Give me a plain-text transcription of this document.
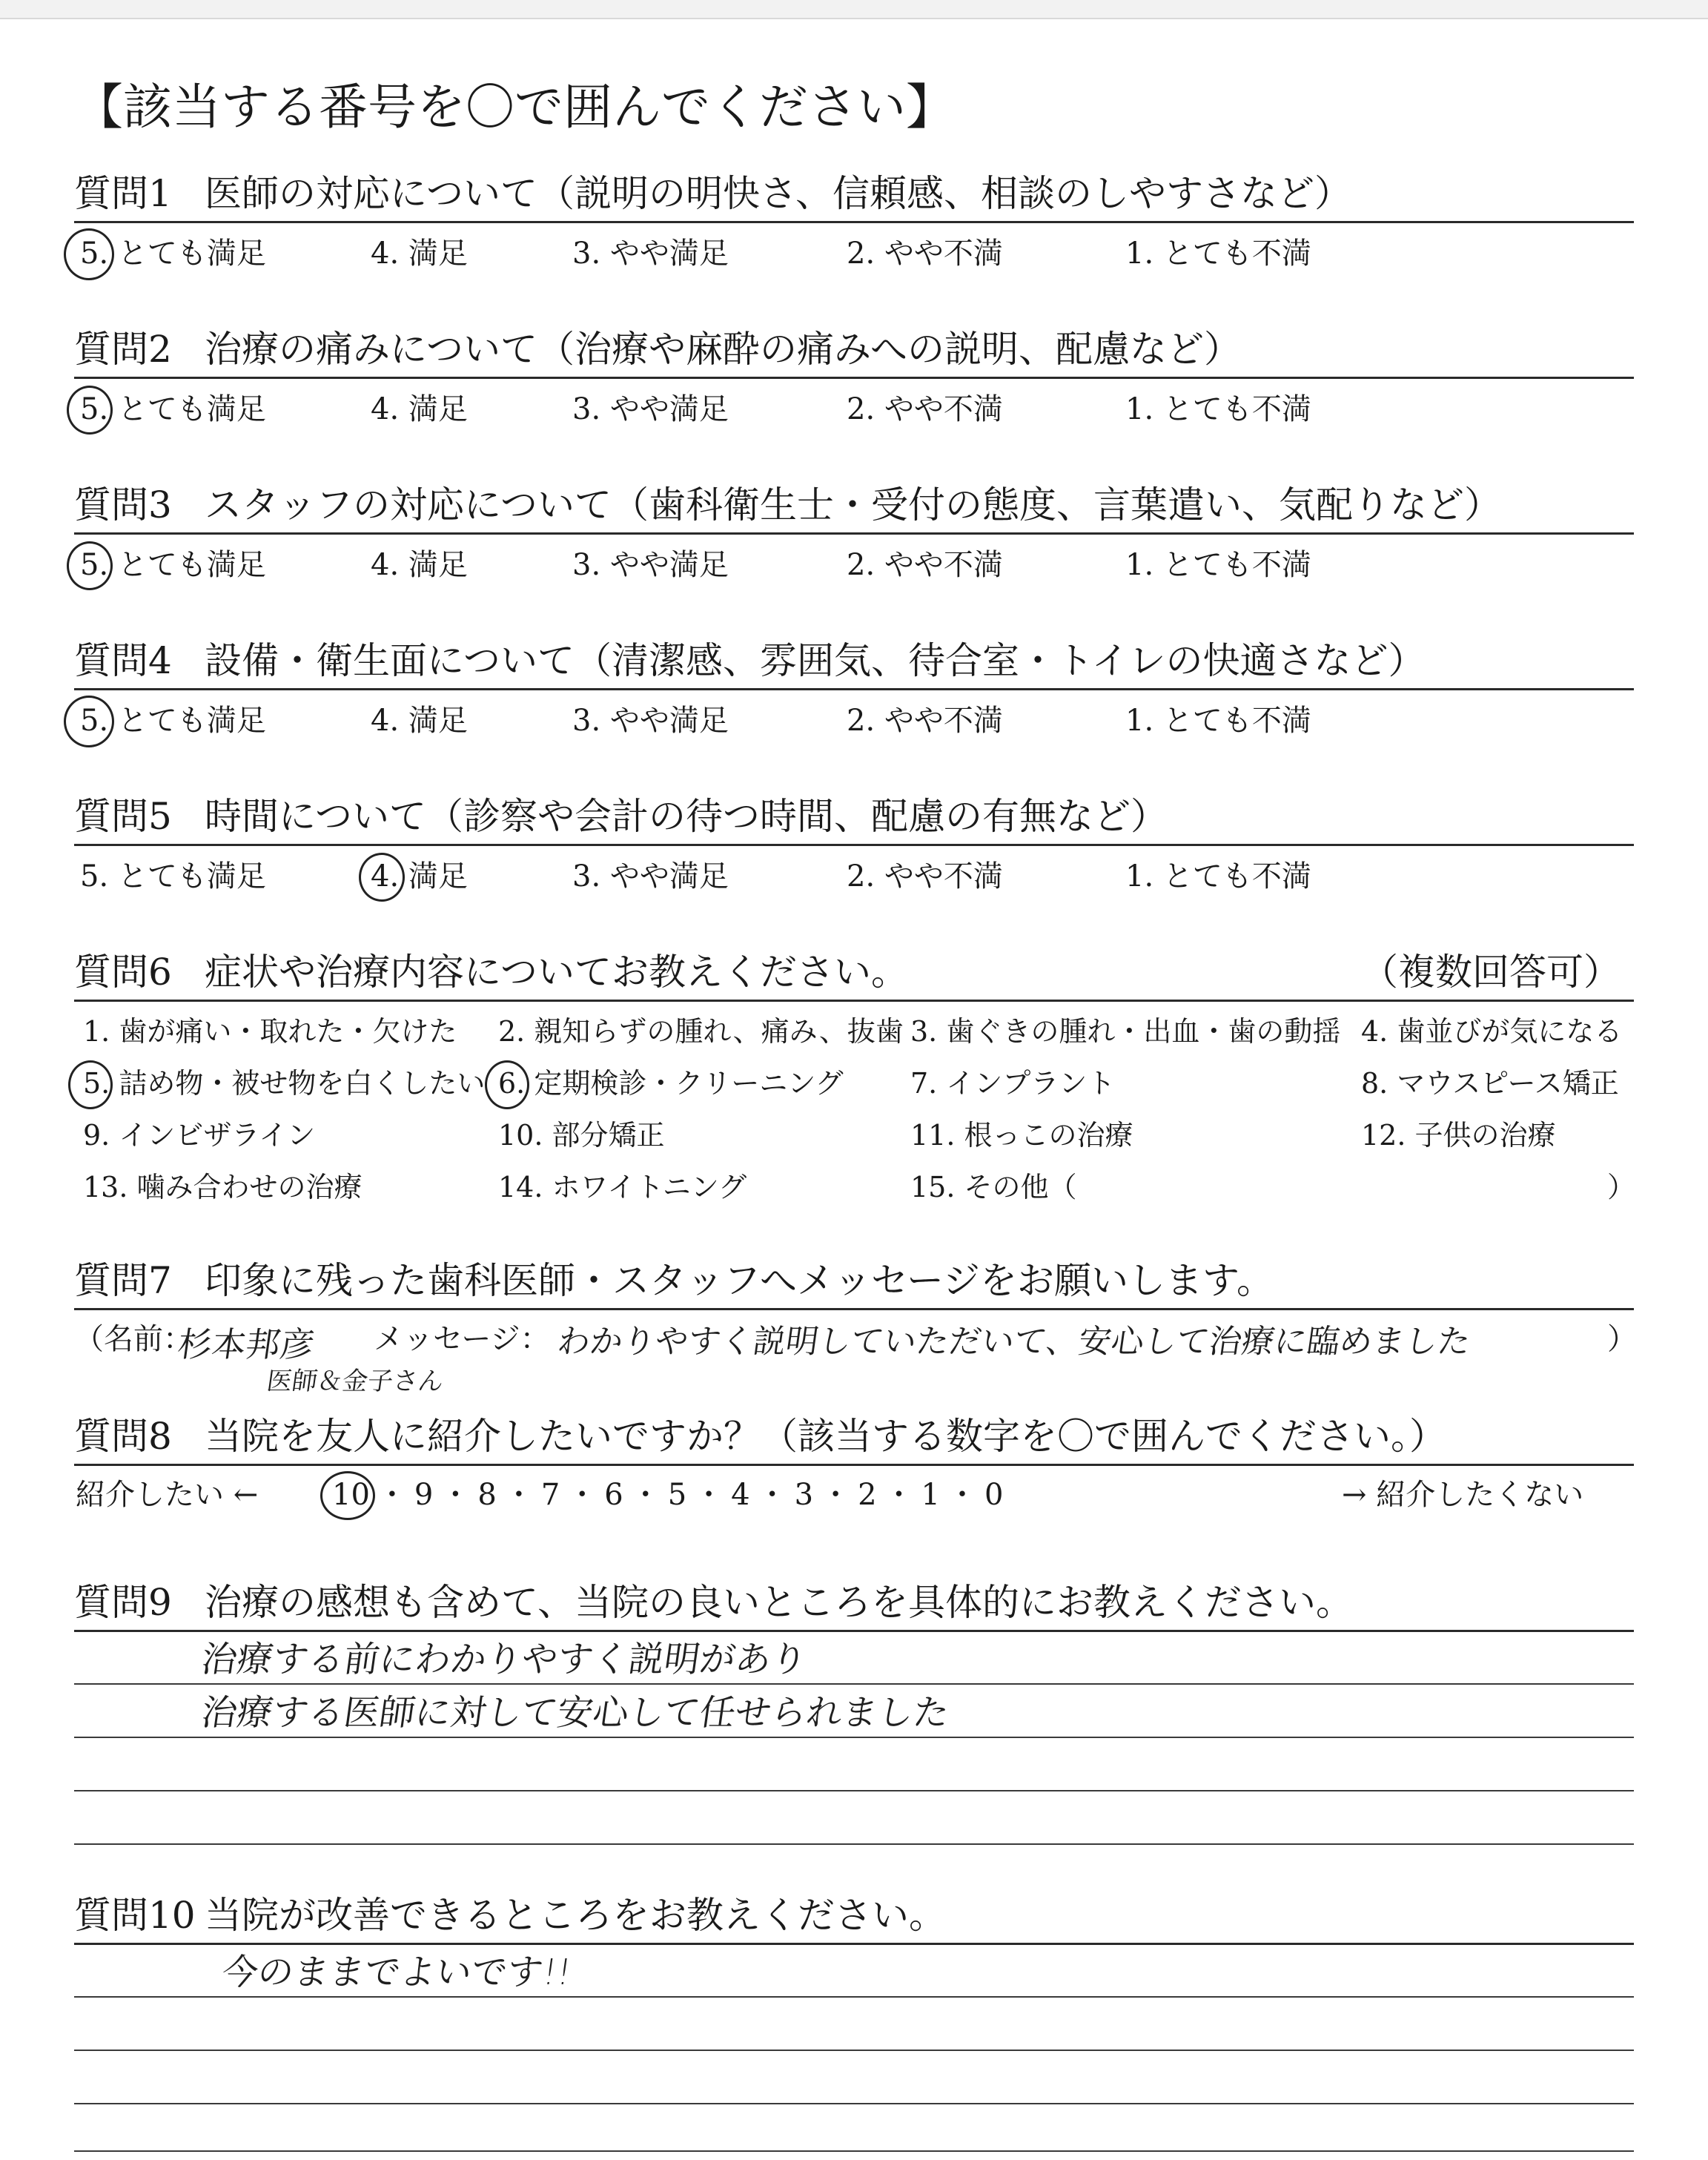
【該当する番号を〇で囲んでください】
質問1 医師の対応について（説明の明快さ、信頼感、相談のしやすさなど）
5. とても満足	4. 満足	3. やや満足	2. やや不満	1. とても不満
質問2 治療の痛みについて（治療や麻酔の痛みへの説明、配慮など）
5. とても満足	4. 満足	3. やや満足	2. やや不満	1. とても不満
質問3 スタッフの対応について（歯科衛生士・受付の態度、言葉遣い、気配りなど）
5. とても満足	4. 満足	3. やや満足	2. やや不満	1. とても不満
質問4 設備・衛生面について（清潔感、雰囲気、待合室・トイレの快適さなど）
5. とても満足	4. 満足	3. やや満足	2. やや不満	1. とても不満
質問5 時間について（診察や会計の待つ時間、配慮の有無など）
5. とても満足	4. 満足	3. やや満足	2. やや不満	1. とても不満
質問6 症状や治療内容についてお教えください。	（複数回答可）
1. 歯が痛い・取れた・欠けた 2. 親知らずの腫れ、痛み、抜歯 3. 歯ぐきの腫れ・出血・歯の動揺 4. 歯並びが気になる
5. 詰め物・被せ物を白くしたい 6. 定期検診・クリーニング 7. インプラント	8. マウスピース矯正
9. インビザライン	10. 部分矯正	11. 根っこの治療	12. 子供の治療
13. 噛み合わせの治療	14. ホワイトニング	15. その他（	）
質問7 印象に残った歯科医師・スタッフへメッセージをお願いします。
（名前：
杉本邦彦
医師＆金子さん
メッセージ： わかりやすく説明していただいて、安心して治療に臨めました	）
質問8 当院を友人に紹介したいですか？（該当する数字を〇で囲んでください。）
紹介したい ← 10 ・ 9 ・ 8 ・ 7 ・ 6 ・ 5 ・ 4 ・ 3 ・ 2 ・ 1 ・ 0	→ 紹介したくない
質問9 治療の感想も含めて、当院の良いところを具体的にお教えください。
治療する前にわかりやすく説明があり
治療する医師に対して安心して任せられました
質問10 当院が改善できるところをお教えください。
今のままでよいです!!
